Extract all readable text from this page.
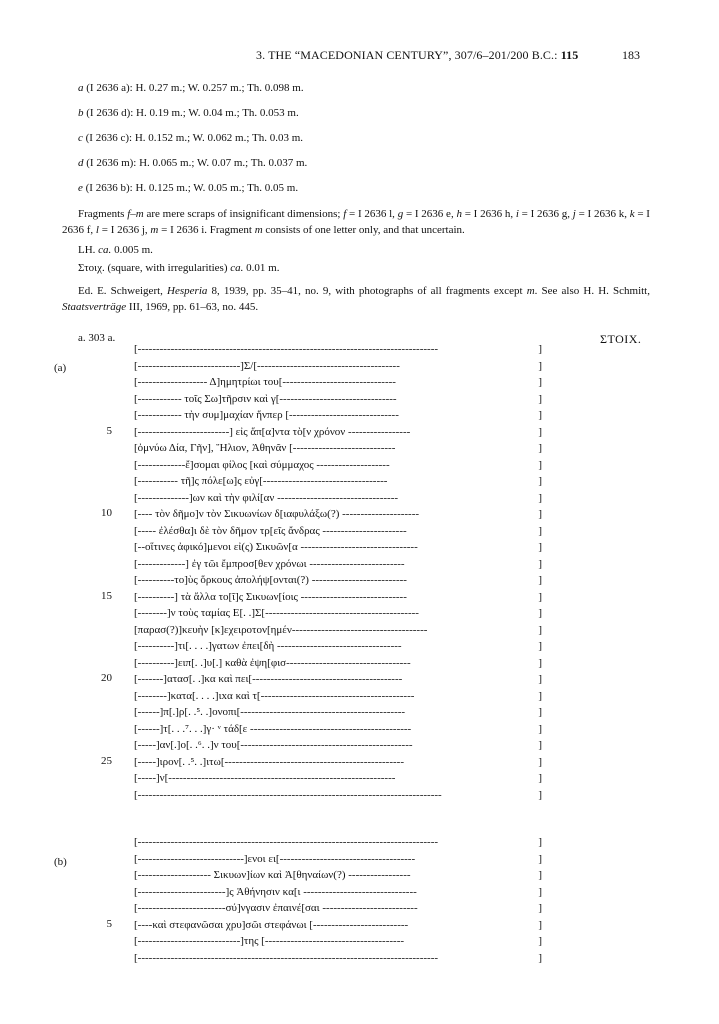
3. THE “MACEDONIAN CENTURY”, 307/6–201/200 B.C.: 115	183
a (I 2636 a): H. 0.27 m.; W. 0.257 m.; Th. 0.098 m.
b (I 2636 d): H. 0.19 m.; W. 0.04 m.; Th. 0.053 m.
c (I 2636 c): H. 0.152 m.; W. 0.062 m.; Th. 0.03 m.
d (I 2636 m): H. 0.065 m.; W. 0.07 m.; Th. 0.037 m.
e (I 2636 b): H. 0.125 m.; W. 0.05 m.; Th. 0.05 m.
Fragments f–m are mere scraps of insignificant dimensions; f = I 2636 l, g = I 2636 e, h = I 2636 h, i = I 2636 g, j = I 2636 k, k = I 2636 f, l = I 2636 j, m = I 2636 i. Fragment m consists of one letter only, and that uncertain.
LH. ca. 0.005 m.
Στοιχ. (square, with irregularities) ca. 0.01 m.
Ed. E. Schweigert, Hesperia 8, 1939, pp. 35–41, no. 9, with photographs of all fragments except m. See also H. H. Schmitt, Staatsverträge III, 1969, pp. 61–63, no. 445.
a. 303 a.	ΣΤΟΙΧ.
(a)
[----------------------------------------------------------------------------------	]
[----------------------------]Σ/[---------------------------------------	]
[------------------- Δ]ημητρίωι του[-------------------------------	]
[------------ τοῖς Σω]τῆρσιν καὶ γ[--------------------------------	]
[------------ τὴν συμ]μαχίαν ἥνπερ [------------------------------	]
5 [-------------------------] εἰς ἅπ[α]ντα τὸ[ν χρόνον -----------------	]
[ὀμνύω Δία, Γῆν], Ἥλιον, Ἀθηνᾶν [----------------------------	]
[-------------ἔ]σομαι φίλος [καὶ σύμμαχος --------------------	]
[----------- τῆ]ς πόλε[ω]ς εὐγ[----------------------------------	]
[--------------]ων καὶ τὴν φιλί[αν ---------------------------------	]
10 [---- τὸν δῆμο]ν τὸν Σικυωνίων δ[ιαφυλάξω(?) ---------------------	]
[----- ἐλέσθα]ι δὲ τὸν δῆμον τρ[εῖς ἄνδρας -----------------------	]
[--οἵτινες ἀφικό]μενοι εἰ(ς) Σικυῶν[α --------------------------------	]
[-------------] ἐγ τῶι ἔμπροσ[θεν χρόνωι --------------------------	]
[----------το]ὺς ὅρκους ἀπολήψ[ονται(?) --------------------------	]
15 [----------] τὰ ἄλλα το[ῖ]ς Σικυων[ίοις -----------------------------	]
[--------]ν τοὺς ταμίας Ε[. .]Σ[------------------------------------------	]
[παρασ(?)]κευὴν [κ]εχειροτον[ημέν-------------------------------------	]
[----------]τι[. . . .]γατων ἐπει[δὴ ----------------------------------	]
[----------]ειπ[. .]υ[.] καθὰ ἐψη[φισ----------------------------------	]
20 [-------]ατασ[. .]κα καὶ πει[-----------------------------------------	]
[--------]κατα[. . . .]ιxα καὶ τ[------------------------------------------	]
[------]π[.]ρ[. .⁵. .]ονοπι[---------------------------------------------	]
[------]τ[. . .⁷. . .]γ· ᵛ τάδ[ε --------------------------------------------	]
[-----]αν[.]ο[. .⁶. .]ν του[-----------------------------------------------	]
25 [-----]ιρον[. .⁵. .]ιτω[-------------------------------------------------	]
[-----]ν[--------------------------------------------------------------	]
[-----------------------------------------------------------------------------------	]
(b)
[----------------------------------------------------------------------------------	]
[-----------------------------]ενοι ει[-------------------------------------	]
[-------------------- Σικυων]ίων καὶ Ἀ[θηναίων(?) -----------------	]
[------------------------]ς Ἀθήνησιν κα[ι -------------------------------	]
[------------------------σύ]νγασιν ἐπαινέ[σαι --------------------------	]
5 [----καὶ στεφανῶσαι χρυ]σῶι στεφάνωι [--------------------------	]
[----------------------------]της [--------------------------------------	]
[----------------------------------------------------------------------------------	]
